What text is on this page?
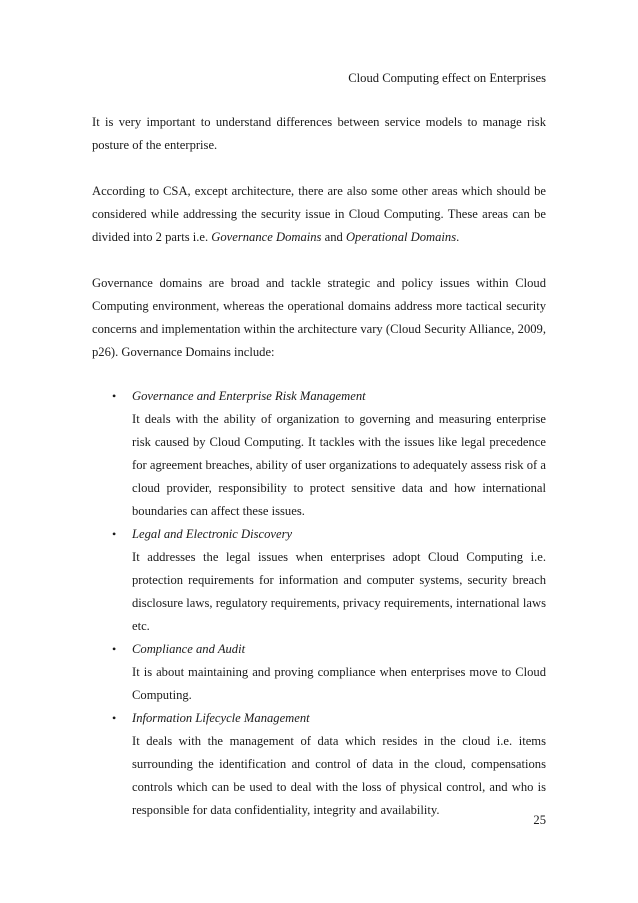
Cloud Computing effect on Enterprises

It is very important to understand differences between service models to manage risk posture of the enterprise.

According to CSA, except architecture, there are also some other areas which should be considered while addressing the security issue in Cloud Computing. These areas can be divided into 2 parts i.e. Governance Domains and Operational Domains.

Governance domains are broad and tackle strategic and policy issues within Cloud Computing environment, whereas the operational domains address more tactical security concerns and implementation within the architecture vary (Cloud Security Alliance, 2009, p26). Governance Domains include:

• Governance and Enterprise Risk Management
It deals with the ability of organization to governing and measuring enterprise risk caused by Cloud Computing. It tackles with the issues like legal precedence for agreement breaches, ability of user organizations to adequately assess risk of a cloud provider, responsibility to protect sensitive data and how international boundaries can affect these issues.
• Legal and Electronic Discovery
It addresses the legal issues when enterprises adopt Cloud Computing i.e. protection requirements for information and computer systems, security breach disclosure laws, regulatory requirements, privacy requirements, international laws etc.
• Compliance and Audit
It is about maintaining and proving compliance when enterprises move to Cloud Computing.
• Information Lifecycle Management
It deals with the management of data which resides in the cloud i.e. items surrounding the identification and control of data in the cloud, compensations controls which can be used to deal with the loss of physical control, and who is responsible for data confidentiality, integrity and availability.
25
